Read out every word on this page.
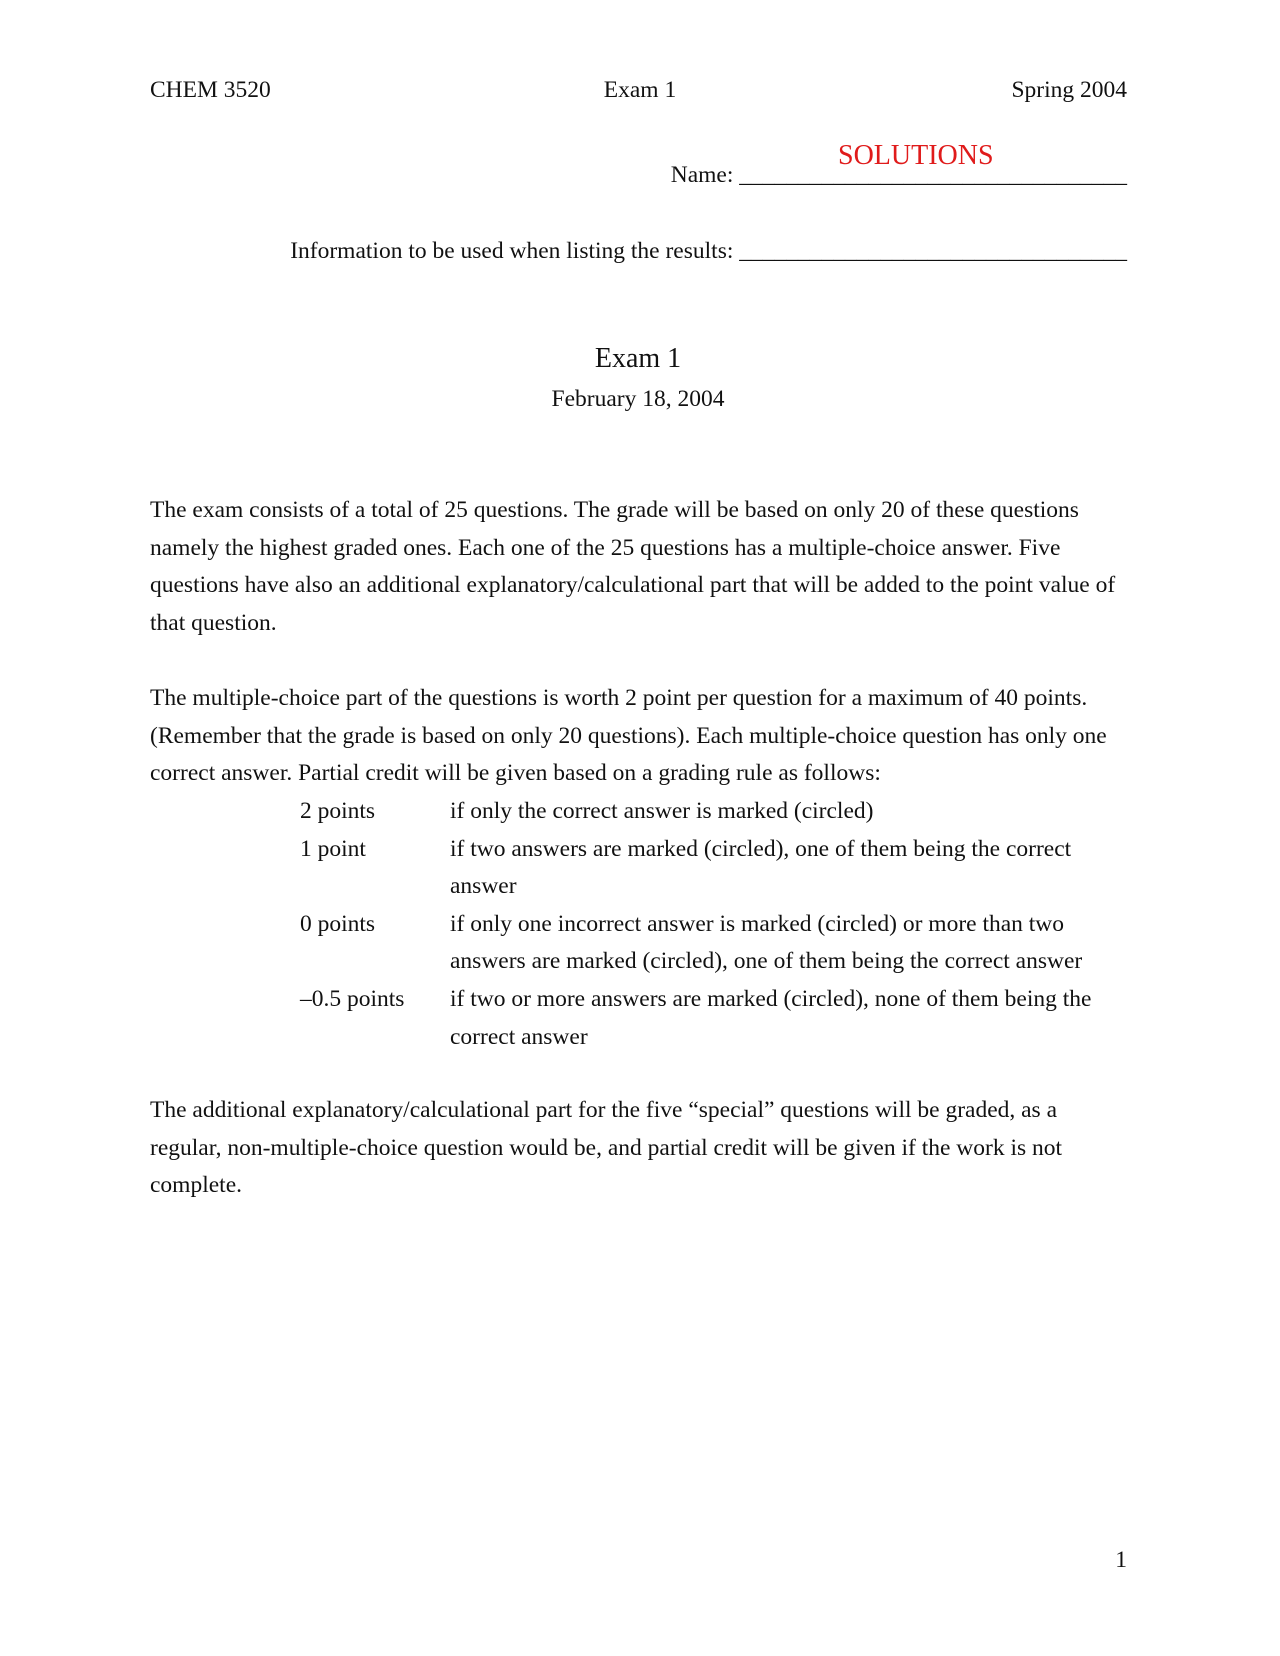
CHEM 3520	Exam 1	Spring 2004
SOLUTIONS
Name: _________________________________
Information to be used when listing the results: _________________________________
Exam 1
February 18, 2004

The exam consists of a total of 25 questions. The grade will be based on only 20 of these questions namely the highest graded ones. Each one of the 25 questions has a multiple-choice answer. Five questions have also an additional explanatory/calculational part that will be added to the point value of that question.

The multiple-choice part of the questions is worth 2 point per question for a maximum of 40 points. (Remember that the grade is based on only 20 questions). Each multiple-choice question has only one correct answer. Partial credit will be given based on a grading rule as follows:

2 points	if only the correct answer is marked (circled)
1 point	if two answers are marked (circled), one of them being the correct answer
0 points	if only one incorrect answer is marked (circled) or more than two answers are marked (circled), one of them being the correct answer
–0.5 points	if two or more answers are marked (circled), none of them being the correct answer

The additional explanatory/calculational part for the five “special” questions will be graded, as a regular, non-multiple-choice question would be, and partial credit will be given if the work is not complete.

1
